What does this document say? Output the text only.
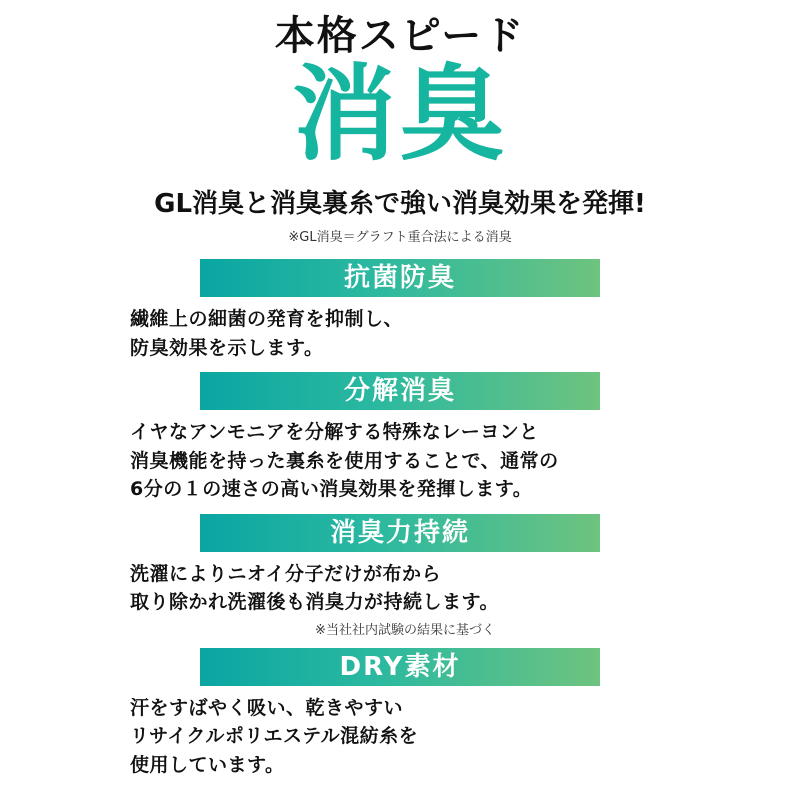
本格スピード
消臭
GL消臭と消臭裏糸で強い消臭効果を発揮!
※GL消臭＝グラフト重合法による消臭
抗菌防臭
繊維上の細菌の発育を抑制し、
防臭効果を示します。
分解消臭
イヤなアンモニアを分解する特殊なレーヨンと
消臭機能を持った裏糸を使用することで、通常の
6分の１の速さの高い消臭効果を発揮します。
消臭力持続
洗濯によりニオイ分子だけが布から
取り除かれ洗濯後も消臭力が持続します。
※当社社内試験の結果に基づく
DRY素材
汗をすばやく吸い、乾きやすい
リサイクルポリエステル混紡糸を
使用しています。
